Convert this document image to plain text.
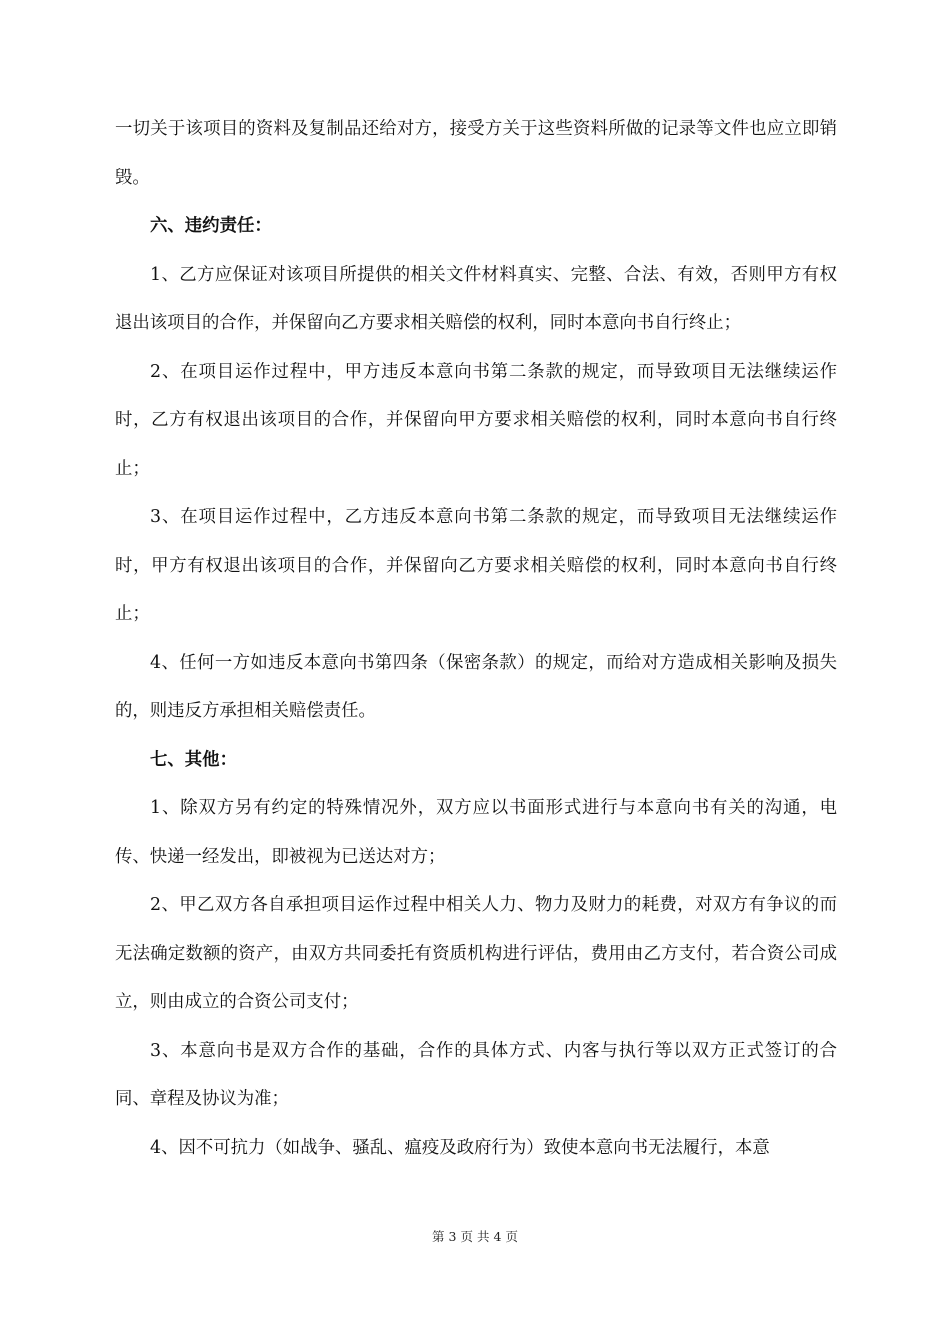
一切关于该项目的资料及复制品还给对方，接受方关于这些资料所做的记录等文件也应立即销毁。

六、违约责任：

1、乙方应保证对该项目所提供的相关文件材料真实、完整、合法、有效，否则甲方有权退出该项目的合作，并保留向乙方要求相关赔偿的权利，同时本意向书自行终止；

2、在项目运作过程中，甲方违反本意向书第二条款的规定，而导致项目无法继续运作时，乙方有权退出该项目的合作，并保留向甲方要求相关赔偿的权利，同时本意向书自行终止；

3、在项目运作过程中，乙方违反本意向书第二条款的规定，而导致项目无法继续运作时，甲方有权退出该项目的合作，并保留向乙方要求相关赔偿的权利，同时本意向书自行终止；

4、任何一方如违反本意向书第四条（保密条款）的规定，而给对方造成相关影响及损失的，则违反方承担相关赔偿责任。

七、其他：

1、除双方另有约定的特殊情况外，双方应以书面形式进行与本意向书有关的沟通，电传、快递一经发出，即被视为已送达对方；

2、甲乙双方各自承担项目运作过程中相关人力、物力及财力的耗费，对双方有争议的而无法确定数额的资产，由双方共同委托有资质机构进行评估，费用由乙方支付，若合资公司成立，则由成立的合资公司支付；

3、本意向书是双方合作的基础，合作的具体方式、内客与执行等以双方正式签订的合同、章程及协议为准；

4、因不可抗力（如战争、骚乱、瘟疫及政府行为）致使本意向书无法履行，本意

第 3 页 共 4 页
